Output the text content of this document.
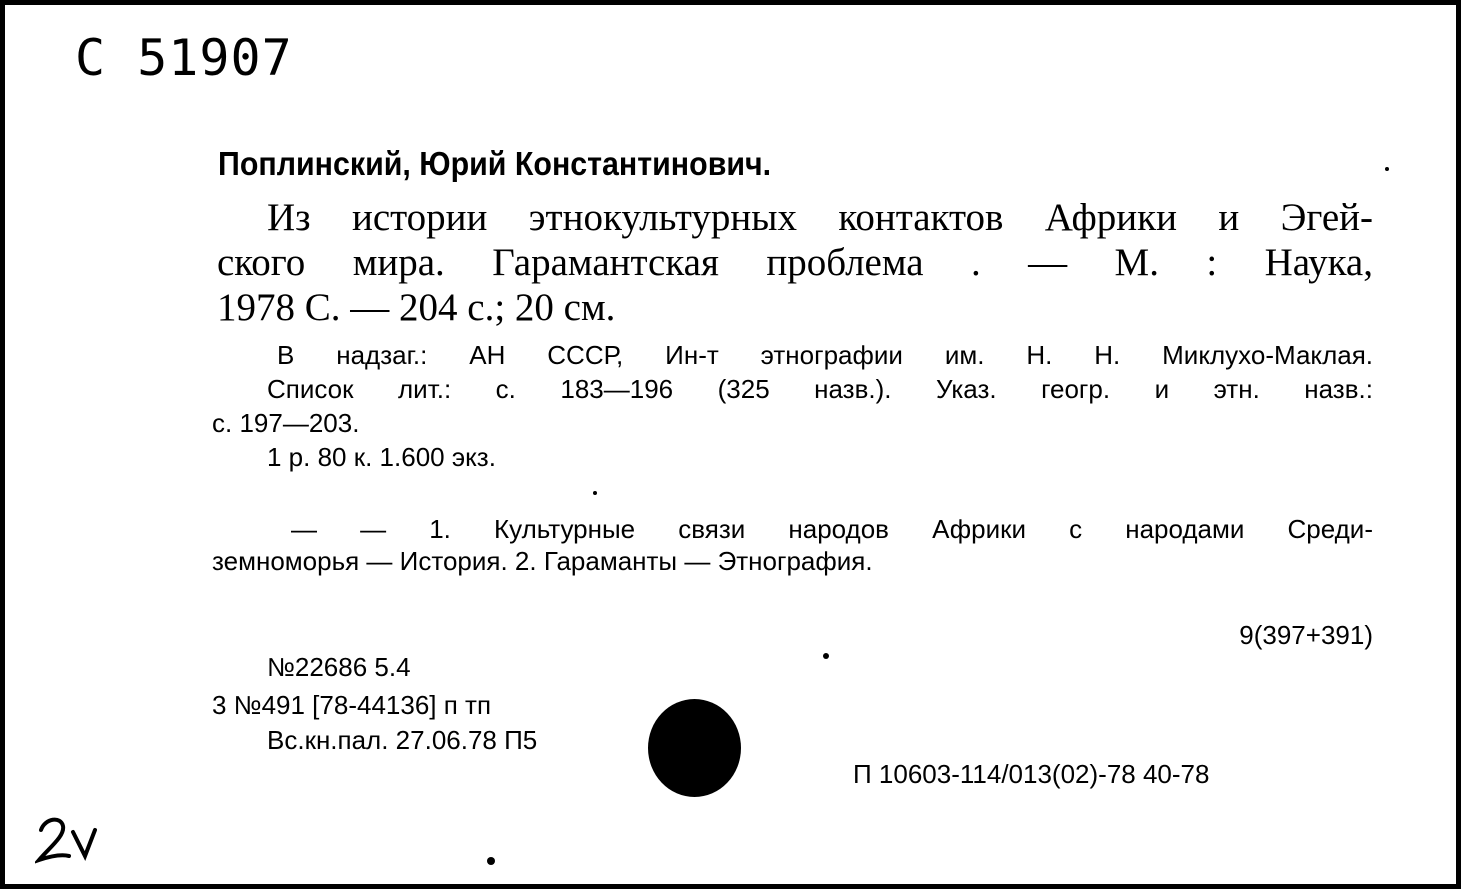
С 51907
Поплинский, Юрий Константинович.
Из истории этнокультурных контактов Африки и Эгей-
ского мира. Гарамантская проблема . — М. : Наука,
1978 С. — 204 с.; 20 см.
В надзаг.: АН СССР, Ин-т этнографии им. Н. Н. Миклухо-Маклая.
Список лит.: с. 183—196 (325 назв.). Указ. геогр. и этн. назв.:
с. 197—203.
1 р. 80 к. 1.600 экз.
— — 1. Культурные связи народов Африки с народами Среди-
земноморья — История. 2. Гараманты — Этнография.
9(397+391)
№22686 5.4
3 №491 [78-44136] п тп
Вс.кн.пал. 27.06.78 П5
П 10603-114/013(02)-78 40-78
